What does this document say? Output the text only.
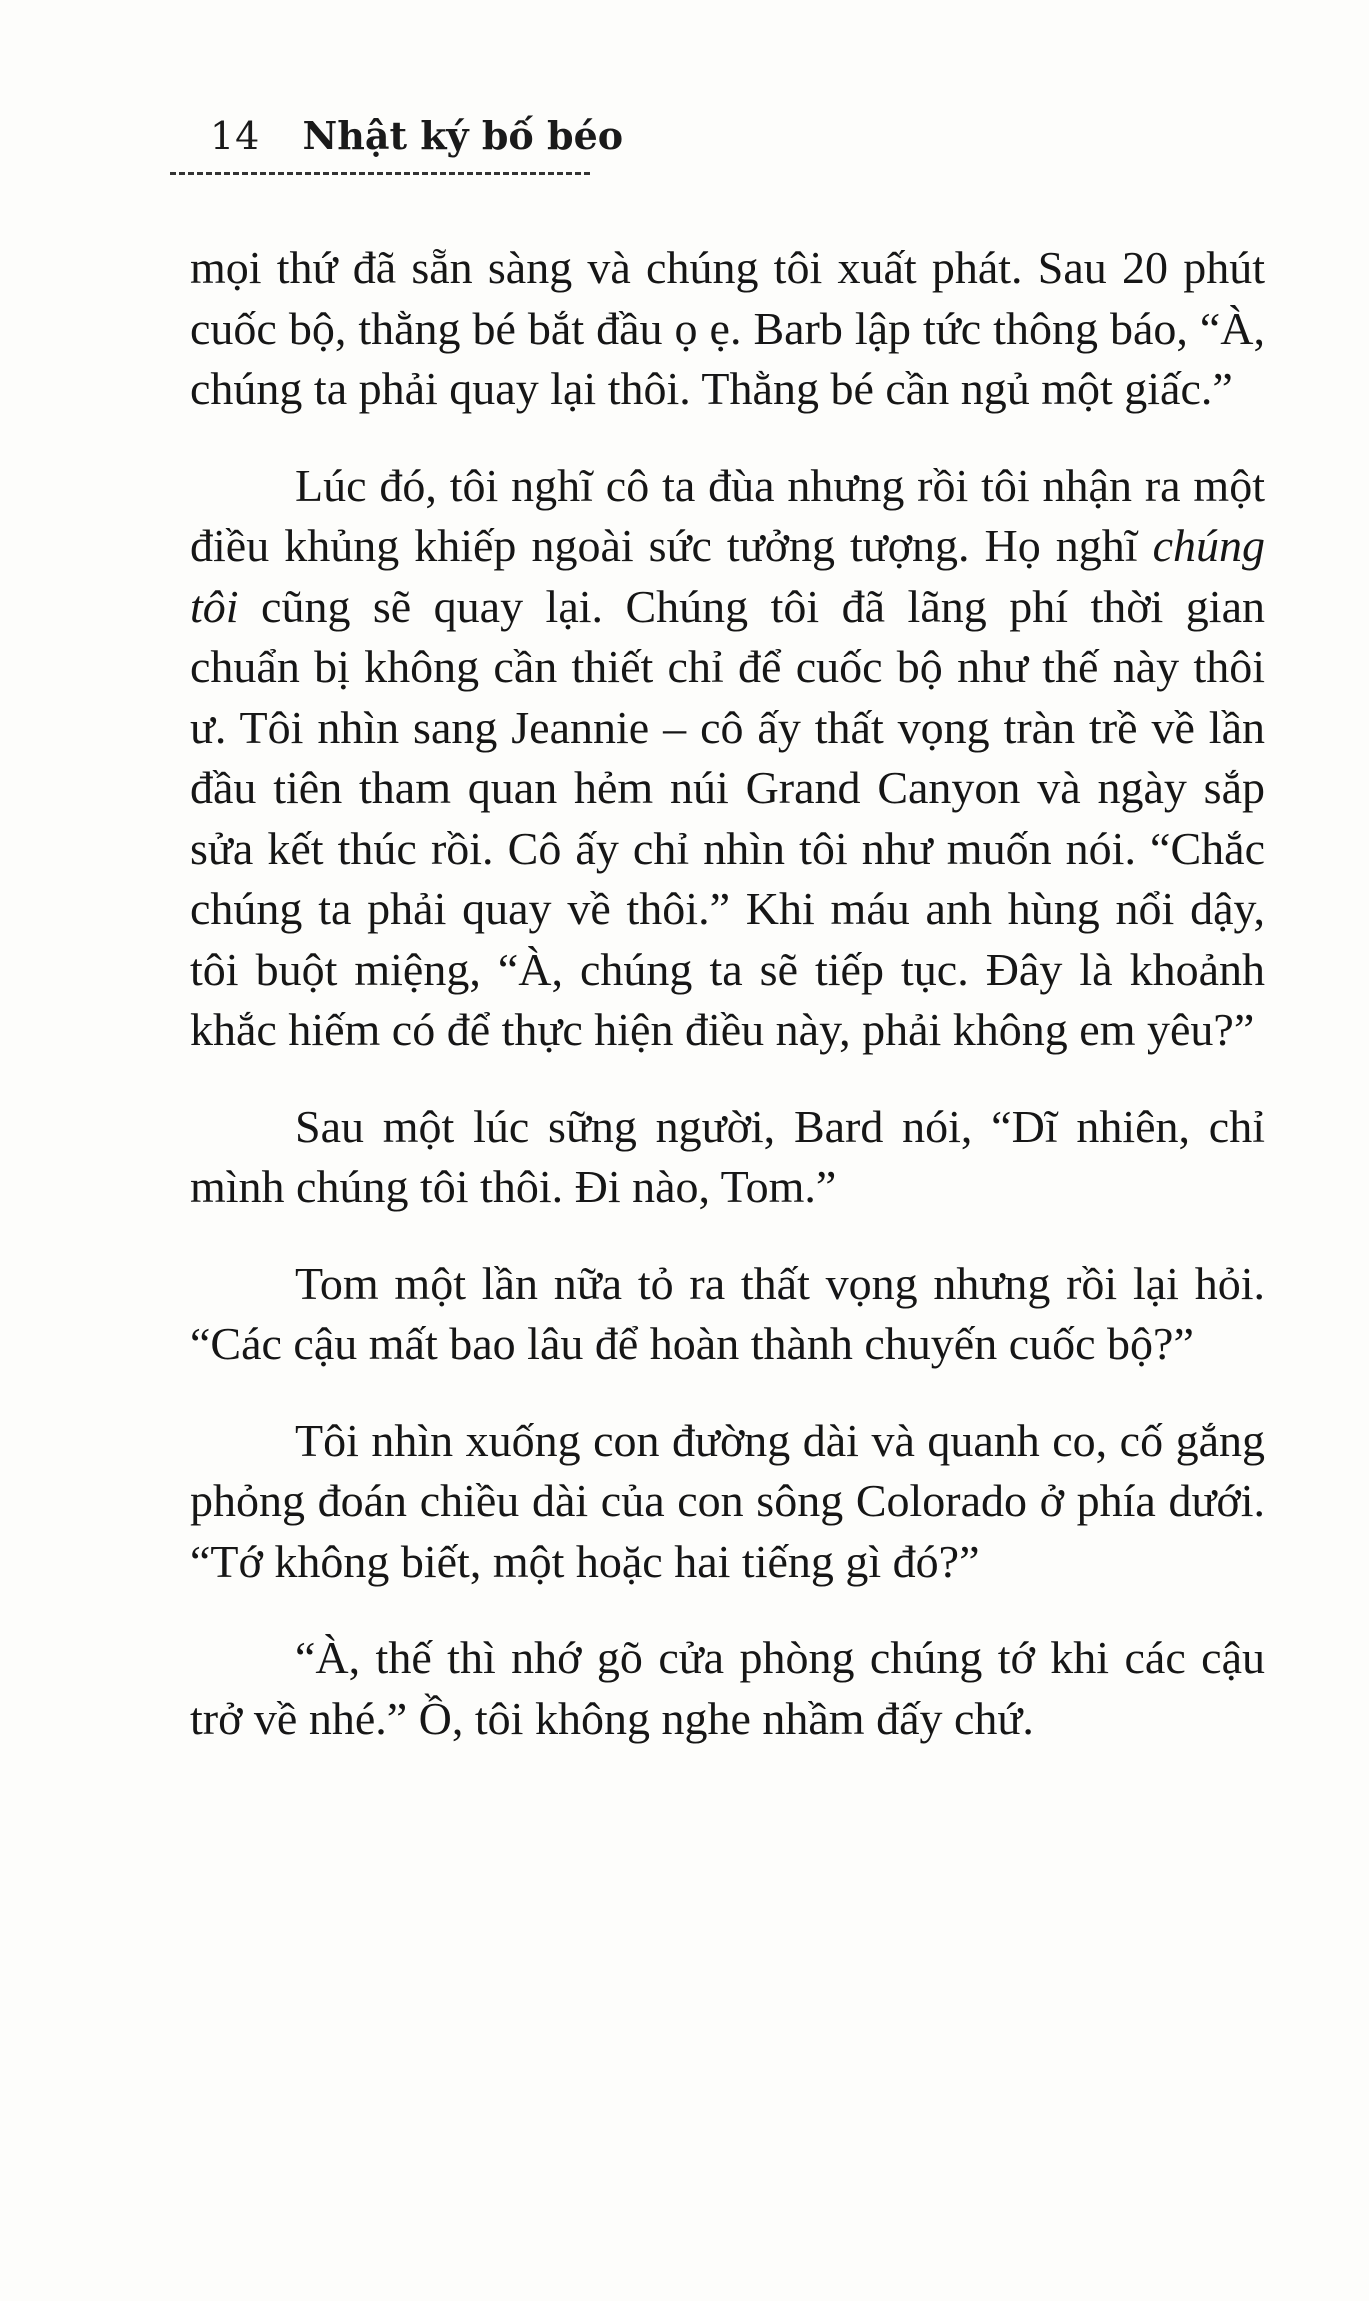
14 Nhật ký bố béo

mọi thứ đã sẵn sàng và chúng tôi xuất phát. Sau 20 phút cuốc bộ, thằng bé bắt đầu ọ ẹ. Barb lập tức thông báo, “À, chúng ta phải quay lại thôi. Thằng bé cần ngủ một giấc.”

Lúc đó, tôi nghĩ cô ta đùa nhưng rồi tôi nhận ra một điều khủng khiếp ngoài sức tưởng tượng. Họ nghĩ chúng tôi cũng sẽ quay lại. Chúng tôi đã lãng phí thời gian chuẩn bị không cần thiết chỉ để cuốc bộ như thế này thôi ư. Tôi nhìn sang Jeannie – cô ấy thất vọng tràn trề về lần đầu tiên tham quan hẻm núi Grand Canyon và ngày sắp sửa kết thúc rồi. Cô ấy chỉ nhìn tôi như muốn nói. “Chắc chúng ta phải quay về thôi.” Khi máu anh hùng nổi dậy, tôi buột miệng, “À, chúng ta sẽ tiếp tục. Đây là khoảnh khắc hiếm có để thực hiện điều này, phải không em yêu?”

Sau một lúc sững người, Bard nói, “Dĩ nhiên, chỉ mình chúng tôi thôi. Đi nào, Tom.”

Tom một lần nữa tỏ ra thất vọng nhưng rồi lại hỏi. “Các cậu mất bao lâu để hoàn thành chuyến cuốc bộ?”

Tôi nhìn xuống con đường dài và quanh co, cố gắng phỏng đoán chiều dài của con sông Colorado ở phía dưới. “Tớ không biết, một hoặc hai tiếng gì đó?”

“À, thế thì nhớ gõ cửa phòng chúng tớ khi các cậu trở về nhé.” Ồ, tôi không nghe nhầm đấy chứ.
